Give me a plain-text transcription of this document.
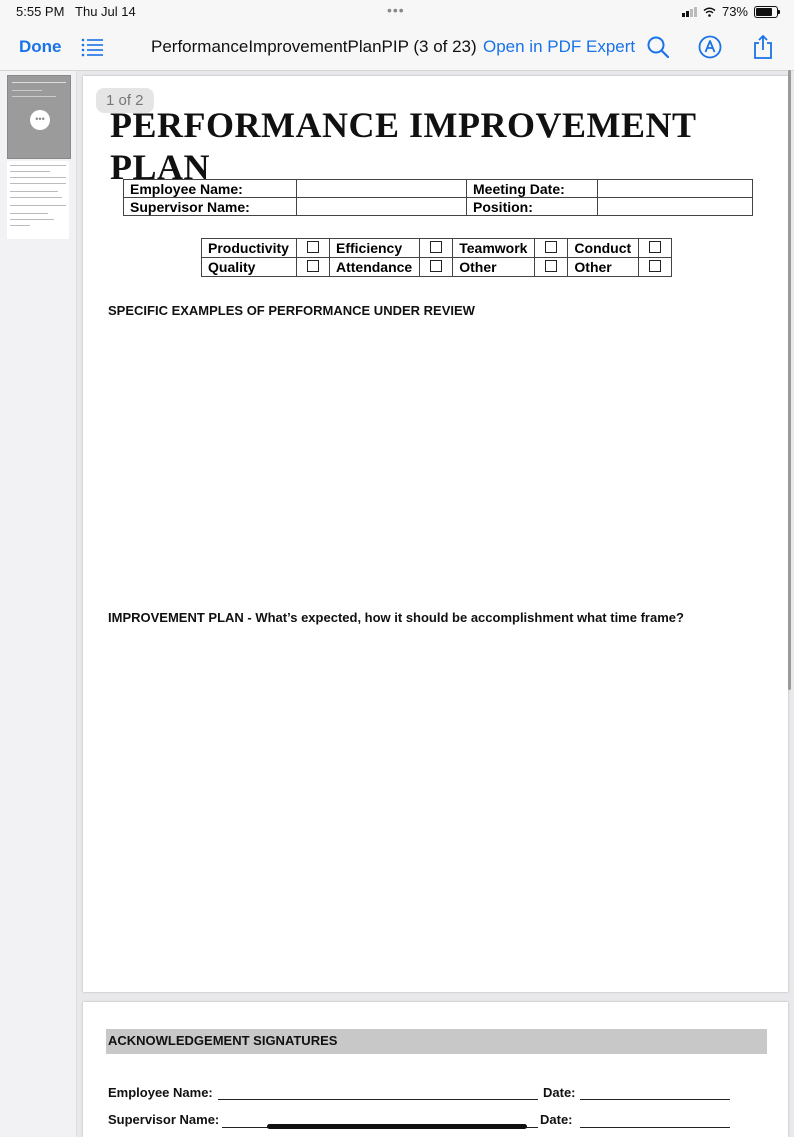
5:55 PM Thu Jul 14	•••	73%
Done	PerformanceImprovementPlanPIP (3 of 23) Open in PDF Expert
•••
1 of 2
PERFORMANCE IMPROVEMENT PLAN
Employee Name:		Meeting Date:	
Supervisor Name:		Position:	
Productivity		Efficiency		Teamwork		Conduct	
Quality		Attendance		Other		Other	
SPECIFIC EXAMPLES OF PERFORMANCE UNDER REVIEW
IMPROVEMENT PLAN - What’s expected, how it should be accomplishment what time frame?
ACKNOWLEDGEMENT SIGNATURES
Employee Name:	Date:
Supervisor Name:	Date:
